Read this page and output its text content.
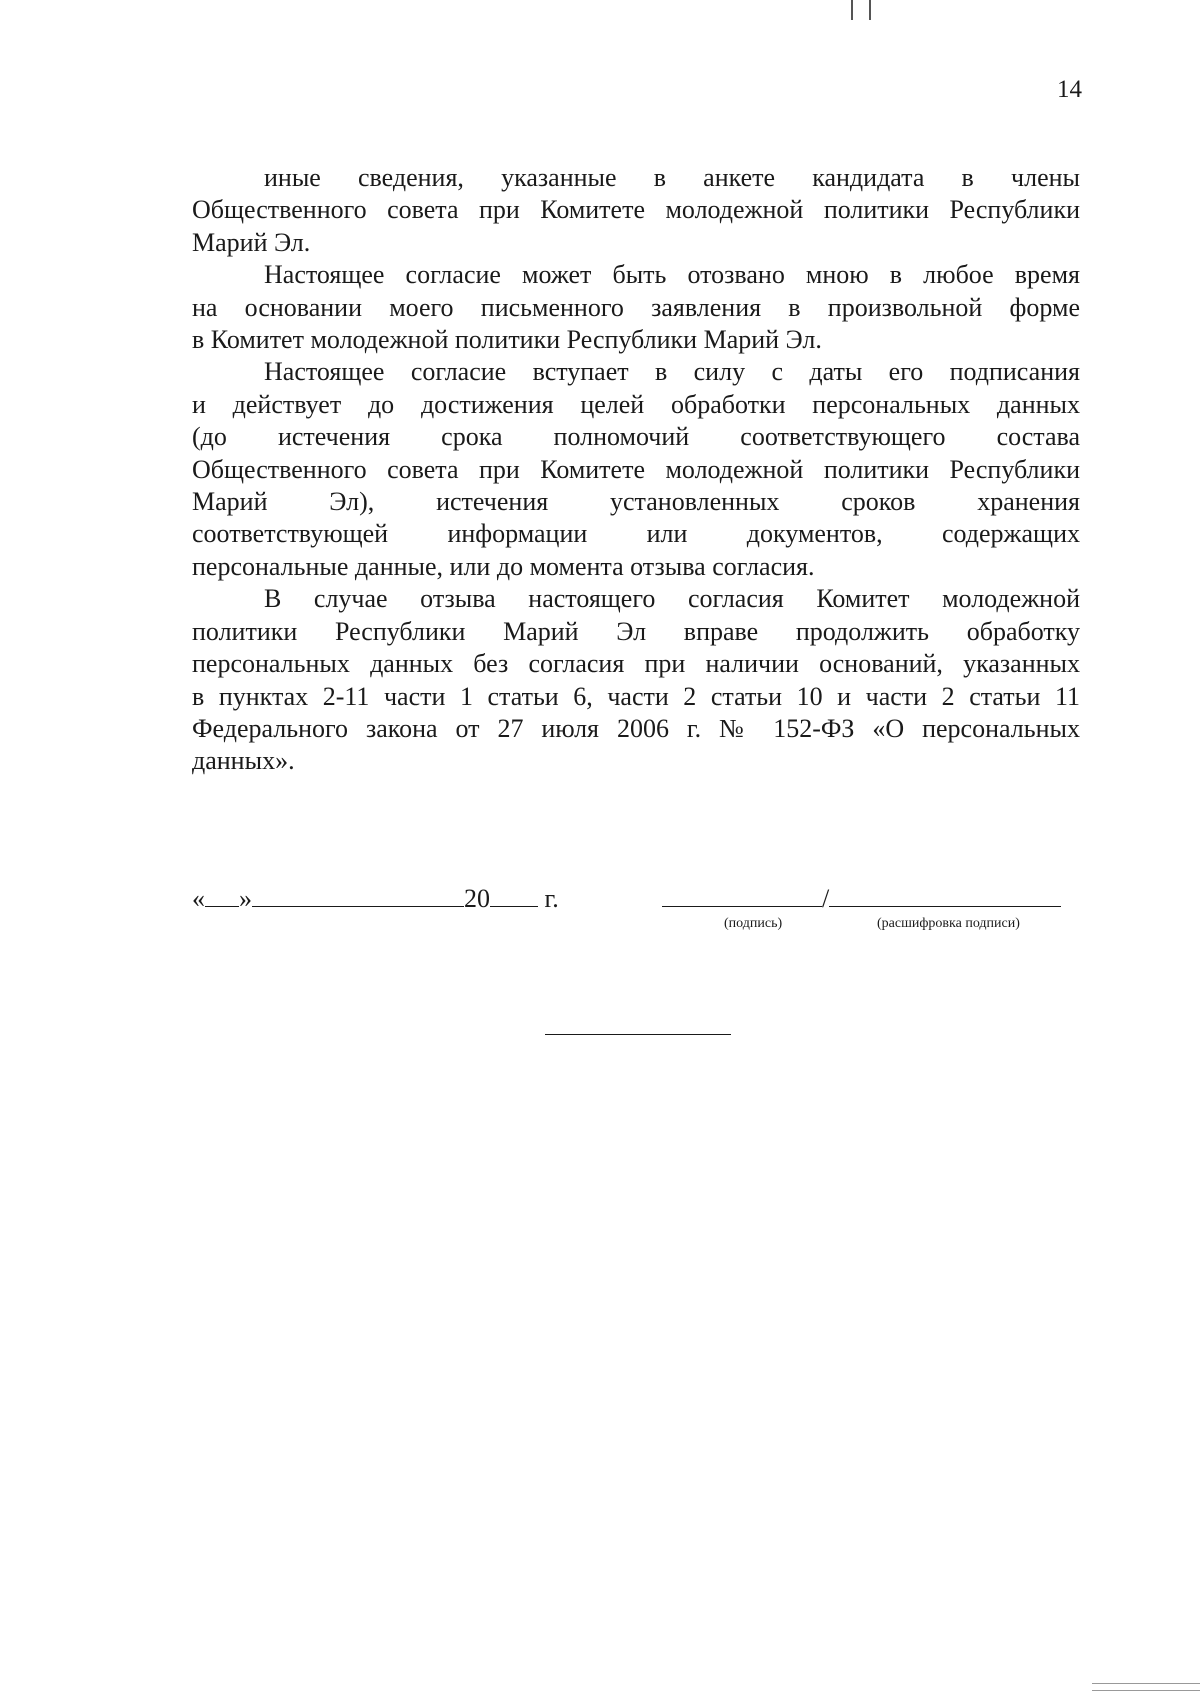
14

иные сведения, указанные в анкете кандидата в члены
Общественного совета при Комитете молодежной политики Республики
Марий Эл.

Настоящее согласие может быть отозвано мною в любое время
на основании моего письменного заявления в произвольной форме
в Комитет молодежной политики Республики Марий Эл.

Настоящее согласие вступает в силу с даты его подписания
и действует до достижения целей обработки персональных данных
(до истечения срока полномочий соответствующего состава
Общественного совета при Комитете молодежной политики Республики
Марий Эл), истечения установленных сроков хранения
соответствующей информации или документов, содержащих
персональные данные, или до момента отзыва согласия.

В случае отзыва настоящего согласия Комитет молодежной
политики Республики Марий Эл вправе продолжить обработку
персональных данных без согласия при наличии оснований, указанных
в пунктах 2-11 части 1 статьи 6, части 2 статьи 10 и части 2 статьи 11
Федерального закона от 27 июля 2006 г. № 152-ФЗ «О персональных
данных».

« »	20 г.	/
(подпись)	(расшифровка подписи)
